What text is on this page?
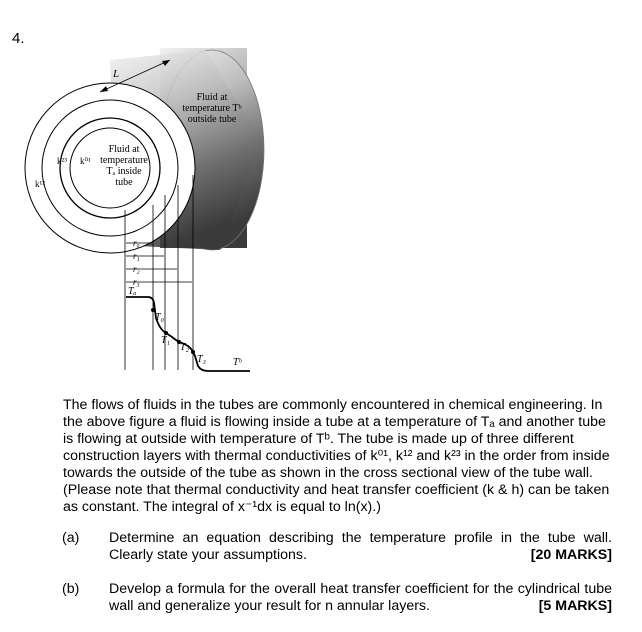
4.
L
Fluid at
temperature Tᵇ
outside tube
Fluid at
temperature
Tₐ inside
tube
k²³ k⁰¹
k¹²
r₀
r₁
r₂
r₃
Tₐ
T₀
T₁
T₂
T₃	Tᵇ
The flows of fluids in the tubes are commonly encountered in chemical engineering. In the above figure a fluid is flowing inside a tube at a temperature of Tₐ and another tube is flowing at outside with temperature of Tᵇ. The tube is made up of three different construction layers with thermal conductivities of k⁰¹, k¹² and k²³ in the order from inside towards the outside of the tube as shown in the cross sectional view of the tube wall. (Please note that thermal conductivity and heat transfer coefficient (k & h) can be taken as constant. The integral of x⁻¹dx is equal to ln(x).)
(a) Determine an equation describing the temperature profile in the tube wall. Clearly state your assumptions.	[20 MARKS]
(b) Develop a formula for the overall heat transfer coefficient for the cylindrical tube wall and generalize your result for n annular layers.	[5 MARKS]
